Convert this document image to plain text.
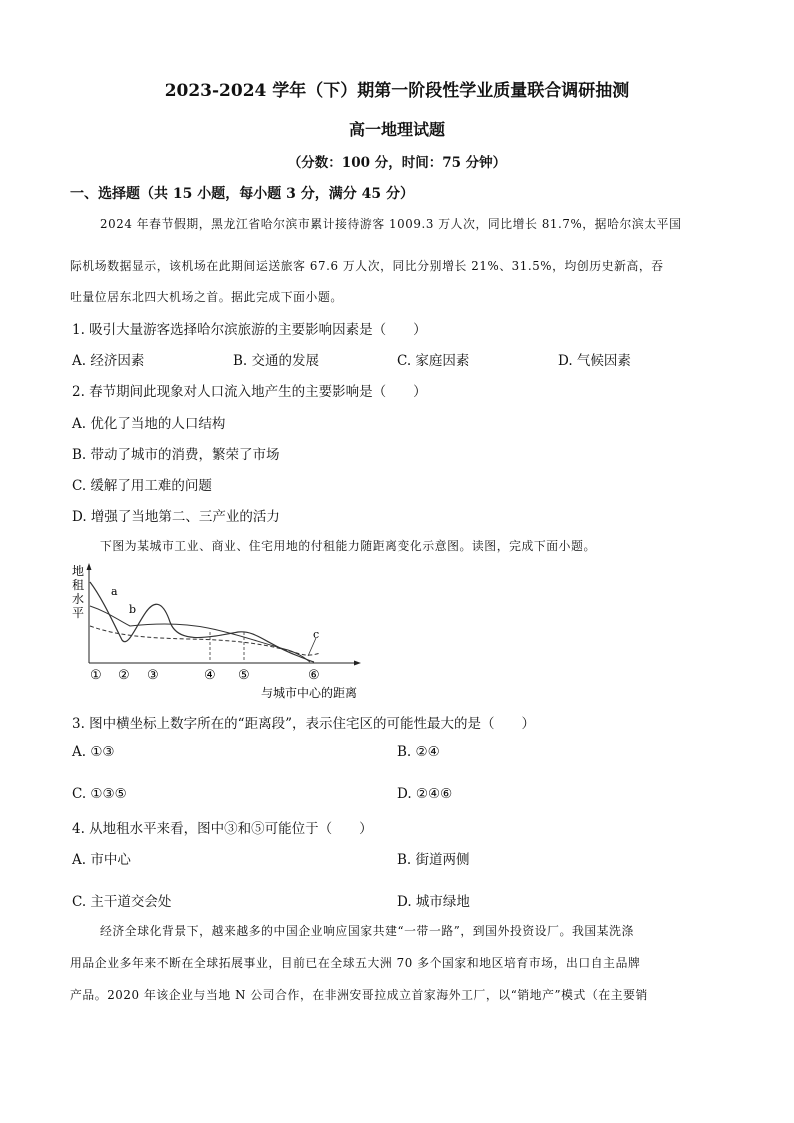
2023-2024 学年（下）期第一阶段性学业质量联合调研抽测
高一地理试题
（分数：100 分，时间：75 分钟）
一、选择题（共 15 小题，每小题 3 分，满分 45 分）
2024 年春节假期，黑龙江省哈尔滨市累计接待游客 1009.3 万人次，同比增长 81.7%，据哈尔滨太平国
际机场数据显示，该机场在此期间运送旅客 67.6 万人次，同比分别增长 21%、31.5%，均创历史新高，吞
吐量位居东北四大机场之首。据此完成下面小题。
1. 吸引大量游客选择哈尔滨旅游的主要影响因素是（　　）
A. 经济因素	B. 交通的发展	C. 家庭因素	D. 气候因素
2. 春节期间此现象对人口流入地产生的主要影响是（　　）
A. 优化了当地的人口结构
B. 带动了城市的消费，繁荣了市场
C. 缓解了用工难的问题
D. 增强了当地第二、三产业的活力
下图为某城市工业、商业、住宅用地的付租能力随距离变化示意图。读图，完成下面小题。
地
租
水
平
a
b
c
① ② ③	④ ⑤	⑥
与城市中心的距离
3. 图中横坐标上数字所在的“距离段”，表示住宅区的可能性最大的是（　　）
A. ①③	B. ②④
C. ①③⑤	D. ②④⑥
4. 从地租水平来看，图中③和⑤可能位于（　　）
A. 市中心	B. 街道两侧
C. 主干道交会处	D. 城市绿地
经济全球化背景下，越来越多的中国企业响应国家共建“一带一路”，到国外投资设厂。我国某洗涤
用品企业多年来不断在全球拓展事业，目前已在全球五大洲 70 多个国家和地区培育市场，出口自主品牌
产品。2020 年该企业与当地 N 公司合作，在非洲安哥拉成立首家海外工厂，以“销地产”模式（在主要销
